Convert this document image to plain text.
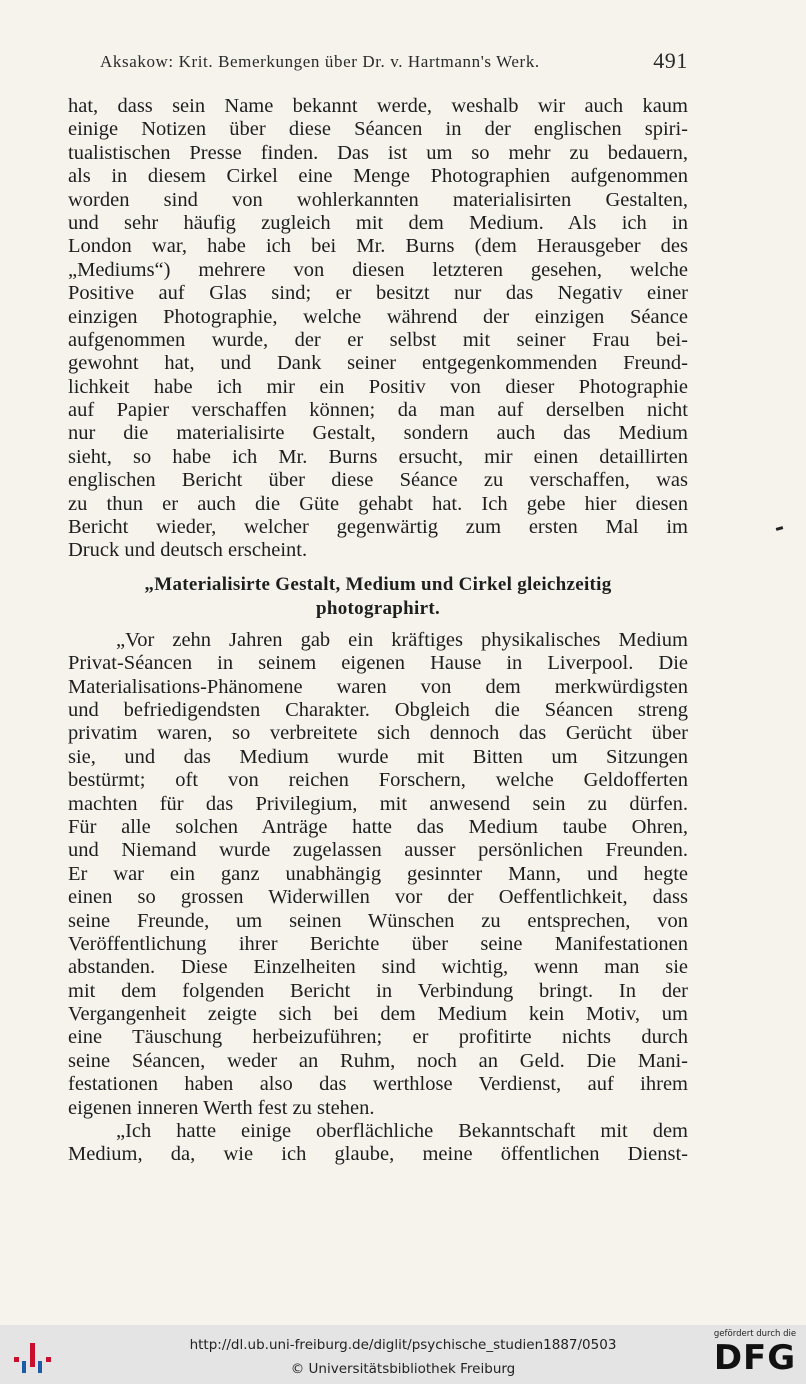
Aksakow: Krit. Bemerkungen über Dr. v. Hartmann's Werk.	491
hat, dass sein Name bekannt werde, weshalb wir auch kaum
einige Notizen über diese Séancen in der englischen spiri-
tualistischen Presse finden. Das ist um so mehr zu bedauern,
als in diesem Cirkel eine Menge Photographien aufgenommen
worden sind von wohlerkannten materialisirten Gestalten,
und sehr häufig zugleich mit dem Medium. Als ich in
London war, habe ich bei Mr. Burns (dem Herausgeber des
„Mediums“) mehrere von diesen letzteren gesehen, welche
Positive auf Glas sind; er besitzt nur das Negativ einer
einzigen Photographie, welche während der einzigen Séance
aufgenommen wurde, der er selbst mit seiner Frau bei-
gewohnt hat, und Dank seiner entgegenkommenden Freund-
lichkeit habe ich mir ein Positiv von dieser Photographie
auf Papier verschaffen können; da man auf derselben nicht
nur die materialisirte Gestalt, sondern auch das Medium
sieht, so habe ich Mr. Burns ersucht, mir einen detaillirten
englischen Bericht über diese Séance zu verschaffen, was
zu thun er auch die Güte gehabt hat. Ich gebe hier diesen
Bericht wieder, welcher gegenwärtig zum ersten Mal im
Druck und deutsch erscheint.
„Materialisirte Gestalt, Medium und Cirkel gleichzeitig
photographirt.
„Vor zehn Jahren gab ein kräftiges physikalisches Medium
Privat-Séancen in seinem eigenen Hause in Liverpool. Die
Materialisations-Phänomene waren von dem merkwürdigsten
und befriedigendsten Charakter. Obgleich die Séancen streng
privatim waren, so verbreitete sich dennoch das Gerücht über
sie, und das Medium wurde mit Bitten um Sitzungen
bestürmt; oft von reichen Forschern, welche Geldofferten
machten für das Privilegium, mit anwesend sein zu dürfen.
Für alle solchen Anträge hatte das Medium taube Ohren,
und Niemand wurde zugelassen ausser persönlichen Freunden.
Er war ein ganz unabhängig gesinnter Mann, und hegte
einen so grossen Widerwillen vor der Oeffentlichkeit, dass
seine Freunde, um seinen Wünschen zu entsprechen, von
Veröffentlichung ihrer Berichte über seine Manifestationen
abstanden. Diese Einzelheiten sind wichtig, wenn man sie
mit dem folgenden Bericht in Verbindung bringt. In der
Vergangenheit zeigte sich bei dem Medium kein Motiv, um
eine Täuschung herbeizuführen; er profitirte nichts durch
seine Séancen, weder an Ruhm, noch an Geld. Die Mani-
festationen haben also das werthlose Verdienst, auf ihrem
eigenen inneren Werth fest zu stehen.
„Ich hatte einige oberflächliche Bekanntschaft mit dem
Medium, da, wie ich glaube, meine öffentlichen Dienst-
http://dl.ub.uni-freiburg.de/diglit/psychische_studien1887/0503
© Universitätsbibliothek Freiburg
gefördert durch die
DFG
